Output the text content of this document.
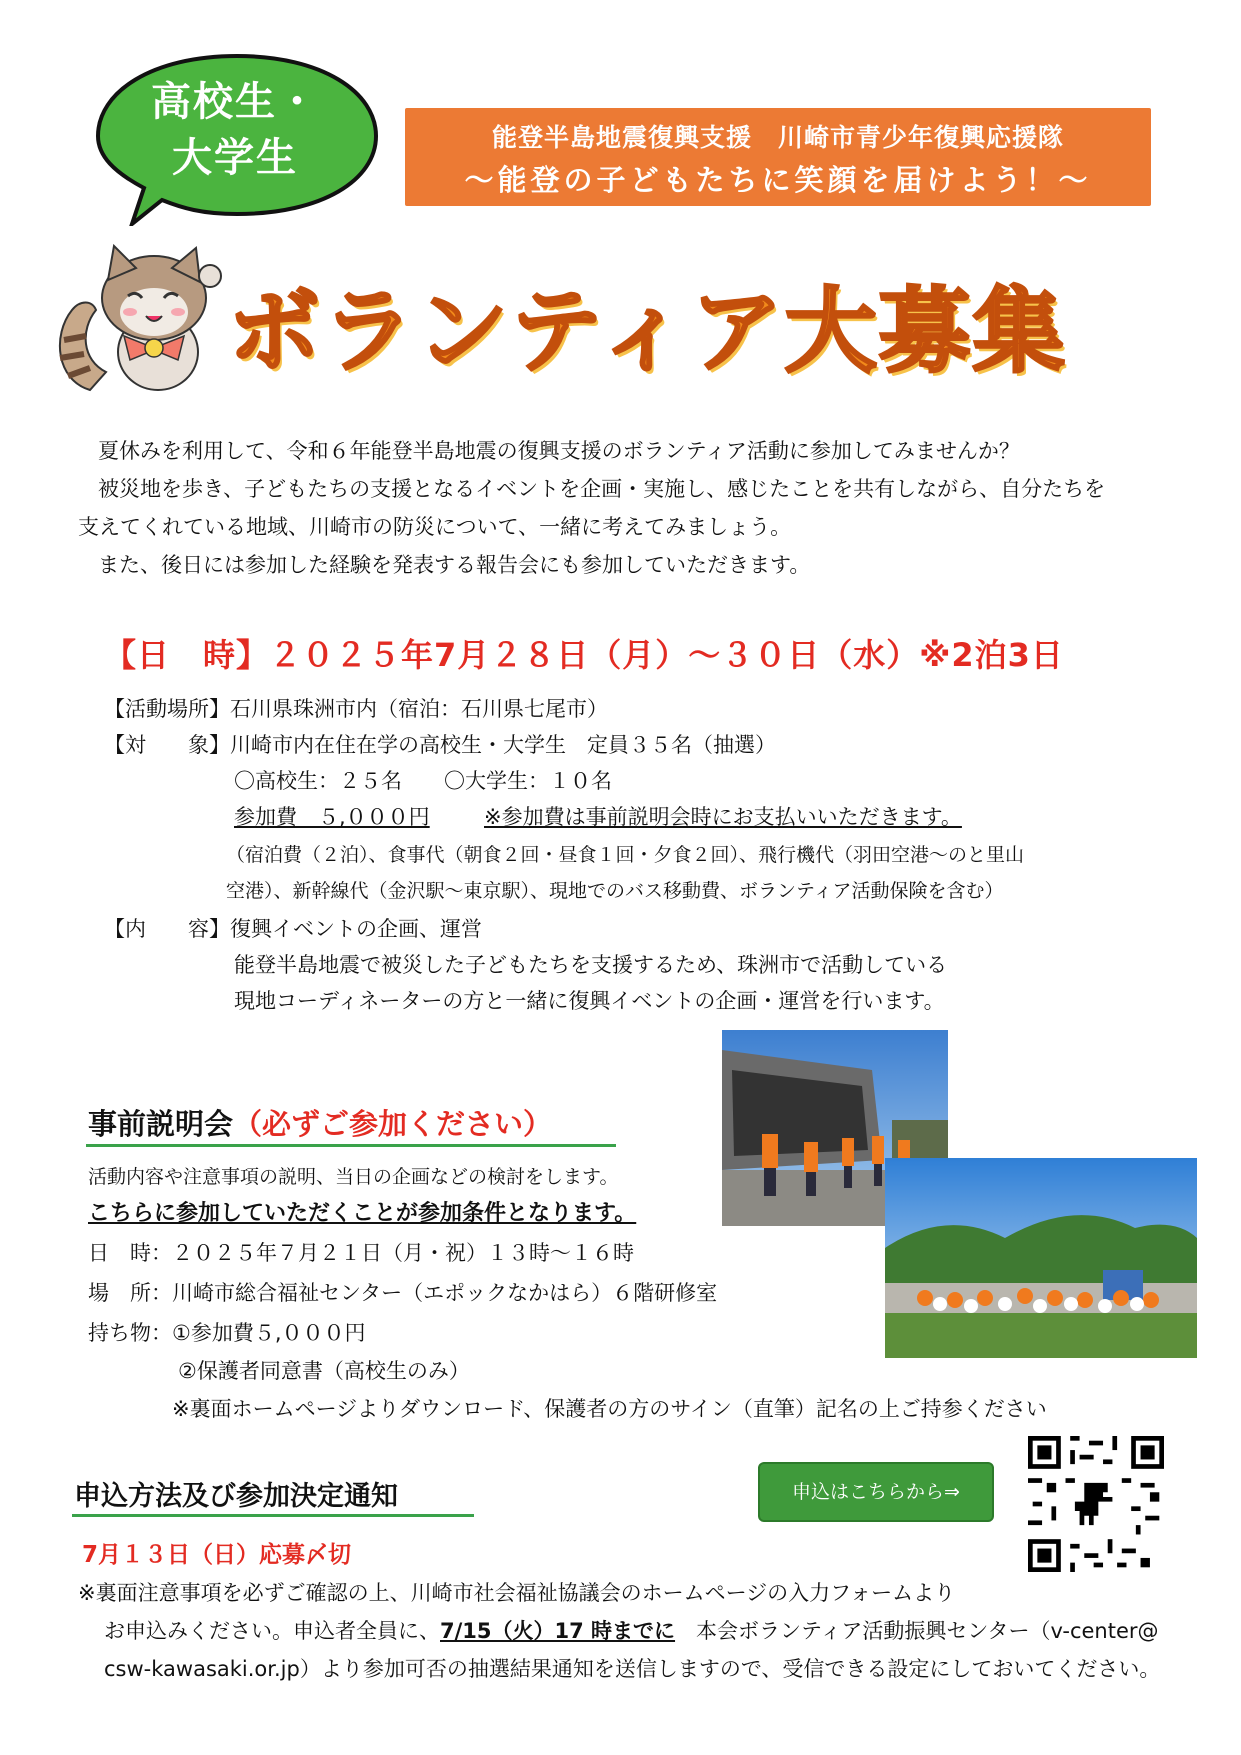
高校生・
大学生	能登半島地震復興支援　川崎市青少年復興応援隊
～能登の子どもたちに笑顔を届けよう！～
ボランティア大募集
夏休みを利用して、令和６年能登半島地震の復興支援のボランティア活動に参加してみませんか？
被災地を歩き、子どもたちの支援となるイベントを企画・実施し、感じたことを共有しながら、自分たちを
支えてくれている地域、川崎市の防災について、一緒に考えてみましょう。
また、後日には参加した経験を発表する報告会にも参加していただきます。
【日　時】２０２５年7月２８日（月）～３０日（水）※2泊3日
【活動場所】石川県珠洲市内（宿泊：石川県七尾市）
【対　　象】川崎市内在住在学の高校生・大学生　定員３５名（抽選）
〇高校生：２５名　　〇大学生：１０名
参加費　５,０００円	※参加費は事前説明会時にお支払いいただきます。
（宿泊費（２泊）、食事代（朝食２回・昼食１回・夕食２回）、飛行機代（羽田空港～のと里山
空港）、新幹線代（金沢駅～東京駅）、現地でのバス移動費、ボランティア活動保険を含む）
【内　　容】復興イベントの企画、運営
能登半島地震で被災した子どもたちを支援するため、珠洲市で活動している
現地コーディネーターの方と一緒に復興イベントの企画・運営を行います。
事前説明会（必ずご参加ください）
活動内容や注意事項の説明、当日の企画などの検討をします。
こちらに参加していただくことが参加条件となります。
日　時：２０２５年７月２１日（月・祝）１３時～１６時
場　所：川崎市総合福祉センター（エポックなかはら）６階研修室
持ち物：①参加費５,０００円
②保護者同意書（高校生のみ）
※裏面ホームページよりダウンロード、保護者の方のサイン（直筆）記名の上ご持参ください
申込方法及び参加決定通知	申込はこちらから⇒
7月１３日（日）応募〆切
※裏面注意事項を必ずご確認の上、川崎市社会福祉協議会のホームページの入力フォームより
お申込みください。申込者全員に、7/15（火）17 時までに　本会ボランティア活動振興センター（v-center@
csw-kawasaki.or.jp）より参加可否の抽選結果通知を送信しますので、受信できる設定にしておいてください。
